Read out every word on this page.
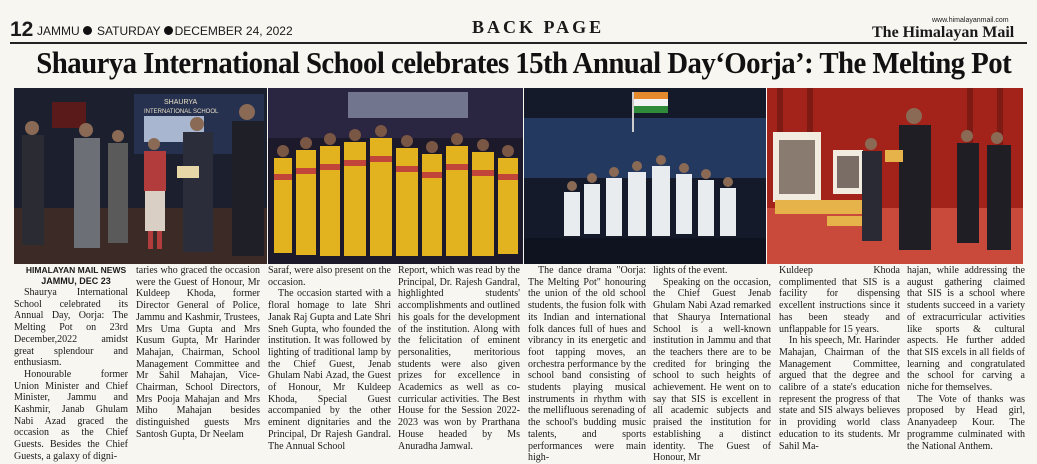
12 JAMMU SATURDAY DECEMBER 24, 2022	BACK PAGE	www.himalayanmail.com
The Himalayan Mail
Shaurya International School celebrates 15th Annual Day‘Oorja’: The Melting Pot
SHAURYA
INTERNATIONAL SCHOOL

HIMALAYAN MAIL NEWS

JAMMU, DEC 23

Shaurya International School celebrated its Annual Day, Oorja: The Melting Pot on 23rd December,2022 amidst great splendour and enthusiasm.

Honourable former Union Minister and Chief Minister, Jammu and Kashmir, Janab Ghulam Nabi Azad graced the occasion as the Chief Guests. Besides the Chief Guests, a galaxy of digni-

taries who graced the occasion were the Guest of Honour, Mr Kuldeep Khoda, former Director General of Police, Jammu and Kashmir, Trustees, Mrs Uma Gupta and Mrs Kusum Gupta, Mr Harinder Mahajan, Chairman, School Management Committee and Mr Sahil Mahajan, Vice-Chairman, School Directors, Mrs Pooja Mahajan and Mrs Miho Mahajan besides distinguished guests Mrs Santosh Gupta, Dr Neelam

Saraf, were also present on the occasion.

The occasion started with a floral homage to late Shri Janak Raj Gupta and Late Shri Sneh Gupta, who founded the institution. It was followed by lighting of traditional lamp by the Chief Guest, Jenab Ghulam Nabi Azad, the Guest of Honour, Mr Kuldeep Khoda, Special Guest accompanied by the other eminent dignitaries and the Principal, Dr Rajesh Gandral. The Annual School

Report, which was read by the Principal, Dr. Rajesh Gandral, highlighted students' accomplishments and outlined his goals for the development of the institution. Along with the felicitation of eminent personalities, meritorious students were also given prizes for excellence in Academics as well as co-curricular activities. The Best House for the Session 2022-2023 was won by Prarthana House headed by Ms Anuradha Jamwal.

The dance drama "Oorja: The Melting Pot" honouring the union of the old school students, the fusion folk with its Indian and international folk dances full of hues and vibrancy in its energetic and foot tapping moves, an orchestra performance by the school band consisting of students playing musical instruments in rhythm with the mellifluous serenading of the school's budding music talents, and sports performances were main high-

lights of the event.

Speaking on the occasion, the Chief Guest Jenab Ghulam Nabi Azad remarked that Shaurya International School is a well-known institution in Jammu and that the teachers there are to be credited for bringing the school to such heights of achievement. He went on to say that SIS is excellent in all academic subjects and praised the institution for establishing a distinct identity. The Guest of Honour, Mr

Kuldeep Khoda complimented that SIS is a facility for dispensing excellent instructions since it has been steady and unflappable for 15 years.

In his speech, Mr. Harinder Mahajan, Chairman of the Management Committee, argued that the degree and calibre of a state's education represent the progress of that state and SIS always believes in providing world class education to its students. Mr Sahil Ma-

hajan, while addressing the august gathering claimed that SIS is a school where students succeed in a variety of extracurricular activities like sports & cultural aspects. He further added that SIS excels in all fields of learning and congratulated the school for carving a niche for themselves.

The Vote of thanks was proposed by Head girl, Ananyadeep Kour. The programme culminated with the National Anthem.
